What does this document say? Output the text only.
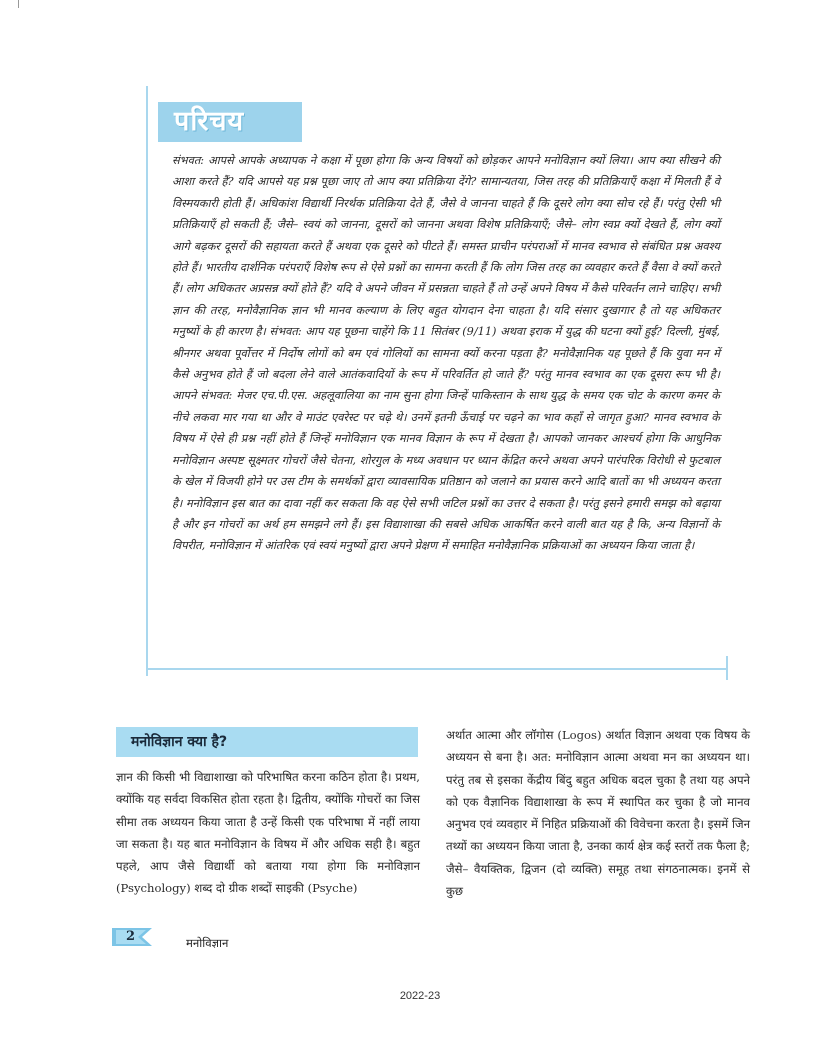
परिचय

संभवत: आपसे आपके अध्यापक ने कक्षा में पूछा होगा कि अन्य विषयों को छोड़कर आपने मनोविज्ञान क्यों लिया। आप क्या सीखने की आशा करते हैं? यदि आपसे यह प्रश्न पूछा जाए तो आप क्या प्रतिक्रिया देंगे? सामान्यतया, जिस तरह की प्रतिक्रियाएँ कक्षा में मिलती हैं वे विस्मयकारी होती हैं। अधिकांश विद्यार्थी निरर्थक प्रतिक्रिया देते हैं, जैसे वे जानना चाहते हैं कि दूसरे लोग क्या सोच रहे हैं। परंतु ऐसी भी प्रतिक्रियाएँ हो सकती हैं; जैसे– स्वयं को जानना, दूसरों को जानना अथवा विशेष प्रतिक्रियाएँ; जैसे– लोग स्वप्न क्यों देखते हैं, लोग क्यों आगे बढ़कर दूसरों की सहायता करते हैं अथवा एक दूसरे को पीटते हैं। समस्त प्राचीन परंपराओं में मानव स्वभाव से संबंधित प्रश्न अवश्य होते हैं। भारतीय दार्शनिक परंपराएँ विशेष रूप से ऐसे प्रश्नों का सामना करती हैं कि लोग जिस तरह का व्यवहार करते हैं वैसा वे क्यों करते हैं। लोग अधिकतर अप्रसन्न क्यों होते हैं? यदि वे अपने जीवन में प्रसन्नता चाहते हैं तो उन्हें अपने विषय में कैसे परिवर्तन लाने चाहिए। सभी ज्ञान की तरह, मनोवैज्ञानिक ज्ञान भी मानव कल्याण के लिए बहुत योगदान देना चाहता है। यदि संसार दुखागार है तो यह अधिकतर मनुष्यों के ही कारण है। संभवत: आप यह पूछना चाहेंगे कि 11 सितंबर (9/11) अथवा इराक में युद्ध की घटना क्यों हुई? दिल्ली, मुंबई, श्रीनगर अथवा पूर्वोत्तर में निर्दोष लोगों को बम एवं गोलियों का सामना क्यों करना पड़ता है? मनोवैज्ञानिक यह पूछते हैं कि युवा मन में कैसे अनुभव होते हैं जो बदला लेने वाले आतंकवादियों के रूप में परिवर्तित हो जाते हैं? परंतु मानव स्वभाव का एक दूसरा रूप भी है। आपने संभवत: मेजर एच.पी.एस. अहलूवालिया का नाम सुना होगा जिन्हें पाकिस्तान के साथ युद्ध के समय एक चोट के कारण कमर के नीचे लकवा मार गया था और वे माउंट एवरेस्ट पर चढ़े थे। उनमें इतनी ऊँचाई पर चढ़ने का भाव कहाँ से जागृत हुआ? मानव स्वभाव के विषय में ऐसे ही प्रश्न नहीं होते हैं जिन्हें मनोविज्ञान एक मानव विज्ञान के रूप में देखता है। आपको जानकर आश्चर्य होगा कि आधुनिक मनोविज्ञान अस्पष्ट सूक्ष्मतर गोचरों जैसे चेतना, शोरगुल के मध्य अवधान पर ध्यान केंद्रित करने अथवा अपने पारंपरिक विरोधी से फुटबाल के खेल में विजयी होने पर उस टीम के समर्थकों द्वारा व्यावसायिक प्रतिष्ठान को जलाने का प्रयास करने आदि बातों का भी अध्ययन करता है। मनोविज्ञान इस बात का दावा नहीं कर सकता कि वह ऐसे सभी जटिल प्रश्नों का उत्तर दे सकता है। परंतु इसने हमारी समझ को बढ़ाया है और इन गोचरों का अर्थ हम समझने लगे हैं। इस विद्याशाखा की सबसे अधिक आकर्षित करने वाली बात यह है कि, अन्य विज्ञानों के विपरीत, मनोविज्ञान में आंतरिक एवं स्वयं मनुष्यों द्वारा अपने प्रेक्षण में समाहित मनोवैज्ञानिक प्रक्रियाओं का अध्ययन किया जाता है।

मनोविज्ञान क्या है?

ज्ञान की किसी भी विद्याशाखा को परिभाषित करना कठिन होता है। प्रथम, क्योंकि यह सर्वदा विकसित होता रहता है। द्वितीय, क्योंकि गोचरों का जिस सीमा तक अध्ययन किया जाता है उन्हें किसी एक परिभाषा में नहीं लाया जा सकता है। यह बात मनोविज्ञान के विषय में और अधिक सही है। बहुत पहले, आप जैसे विद्यार्थी को बताया गया होगा कि मनोविज्ञान (Psychology) शब्द दो ग्रीक शब्दों साइकी (Psyche)

अर्थात आत्मा और लॉगोस (Logos) अर्थात विज्ञान अथवा एक विषय के अध्ययन से बना है। अत: मनोविज्ञान आत्मा अथवा मन का अध्ययन था। परंतु तब से इसका केंद्रीय बिंदु बहुत अधिक बदल चुका है तथा यह अपने को एक वैज्ञानिक विद्याशाखा के रूप में स्थापित कर चुका है जो मानव अनुभव एवं व्यवहार में निहित प्रक्रियाओं की विवेचना करता है। इसमें जिन तथ्यों का अध्ययन किया जाता है, उनका कार्य क्षेत्र कई स्तरों तक फैला है; जैसे– वैयक्तिक, द्विजन (दो व्यक्ति) समूह तथा संगठनात्मक। इनमें से कुछ

2	मनोविज्ञान
2022-23
